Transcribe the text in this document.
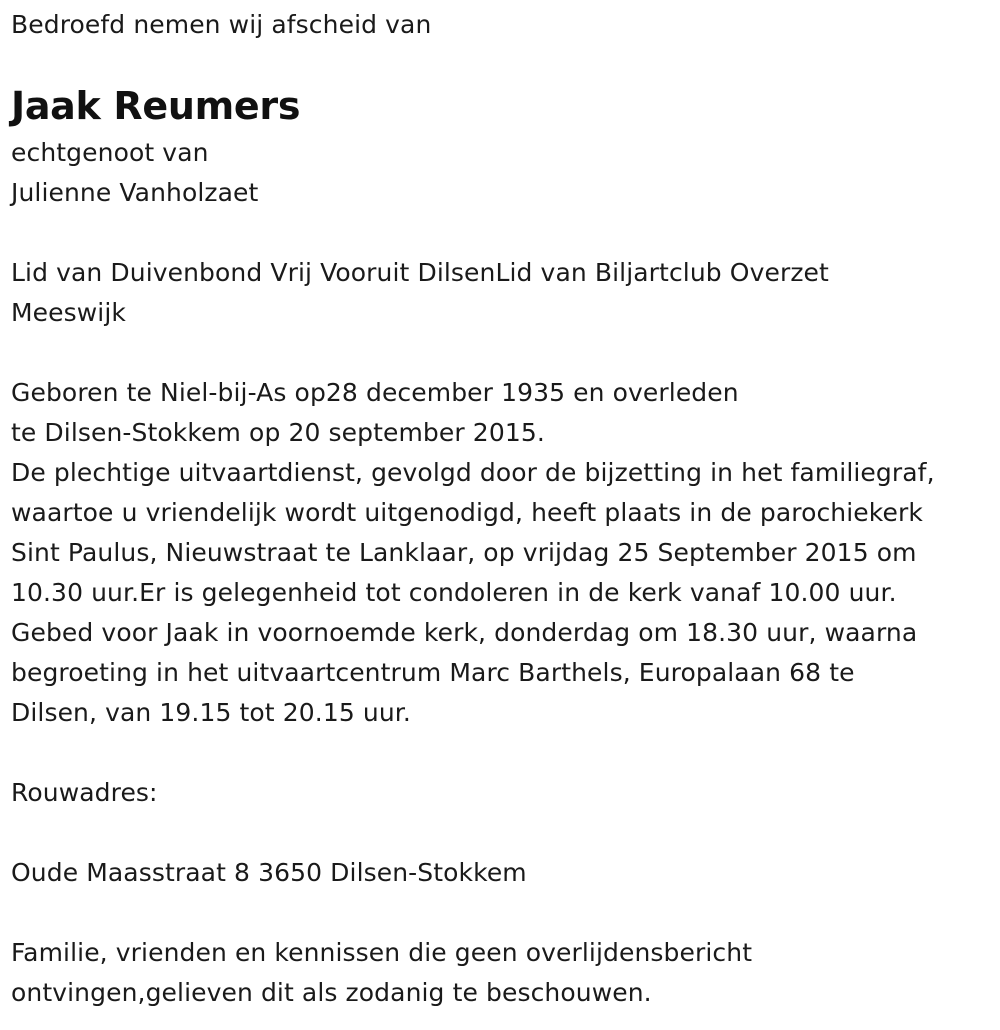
Bedroefd nemen wij afscheid van
Jaak Reumers
echtgenoot van
Julienne Vanholzaet
Lid van Duivenbond Vrij Vooruit DilsenLid van Biljartclub Overzet
Meeswijk
Geboren te Niel-bij-As op28 december 1935 en overleden
te Dilsen-Stokkem op 20 september 2015.
De plechtige uitvaartdienst, gevolgd door de bijzetting in het familiegraf,
waartoe u vriendelijk wordt uitgenodigd, heeft plaats in de parochiekerk
Sint Paulus, Nieuwstraat te Lanklaar, op vrijdag 25 September 2015 om
10.30 uur.Er is gelegenheid tot condoleren in de kerk vanaf 10.00 uur.
Gebed voor Jaak in voornoemde kerk, donderdag om 18.30 uur, waarna
begroeting in het uitvaartcentrum Marc Barthels, Europalaan 68 te
Dilsen, van 19.15 tot 20.15 uur.
Rouwadres:
Oude Maasstraat 8 3650 Dilsen-Stokkem
Familie, vrienden en kennissen die geen overlijdensbericht
ontvingen,gelieven dit als zodanig te beschouwen.
